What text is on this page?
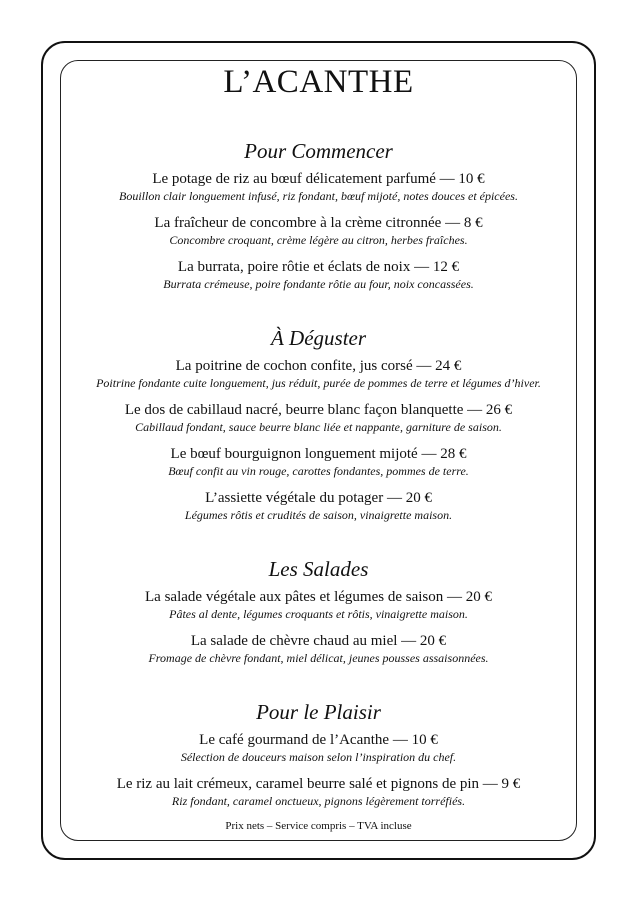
L’ACANTHE
Pour Commencer
Le potage de riz au bœuf délicatement parfumé — 10 €
Bouillon clair longuement infusé, riz fondant, bœuf mijoté, notes douces et épicées.
La fraîcheur de concombre à la crème citronnée — 8 €
Concombre croquant, crème légère au citron, herbes fraîches.
La burrata, poire rôtie et éclats de noix — 12 €
Burrata crémeuse, poire fondante rôtie au four, noix concassées.
À Déguster
La poitrine de cochon confite, jus corsé — 24 €
Poitrine fondante cuite longuement, jus réduit, purée de pommes de terre et légumes d’hiver.
Le dos de cabillaud nacré, beurre blanc façon blanquette — 26 €
Cabillaud fondant, sauce beurre blanc liée et nappante, garniture de saison.
Le bœuf bourguignon longuement mijoté — 28 €
Bœuf confit au vin rouge, carottes fondantes, pommes de terre.
L’assiette végétale du potager — 20 €
Légumes rôtis et crudités de saison, vinaigrette maison.
Les Salades
La salade végétale aux pâtes et légumes de saison — 20 €
Pâtes al dente, légumes croquants et rôtis, vinaigrette maison.
La salade de chèvre chaud au miel — 20 €
Fromage de chèvre fondant, miel délicat, jeunes pousses assaisonnées.
Pour le Plaisir
Le café gourmand de l’Acanthe — 10 €
Sélection de douceurs maison selon l’inspiration du chef.
Le riz au lait crémeux, caramel beurre salé et pignons de pin — 9 €
Riz fondant, caramel onctueux, pignons légèrement torréfiés.
Prix nets – Service compris – TVA incluse
